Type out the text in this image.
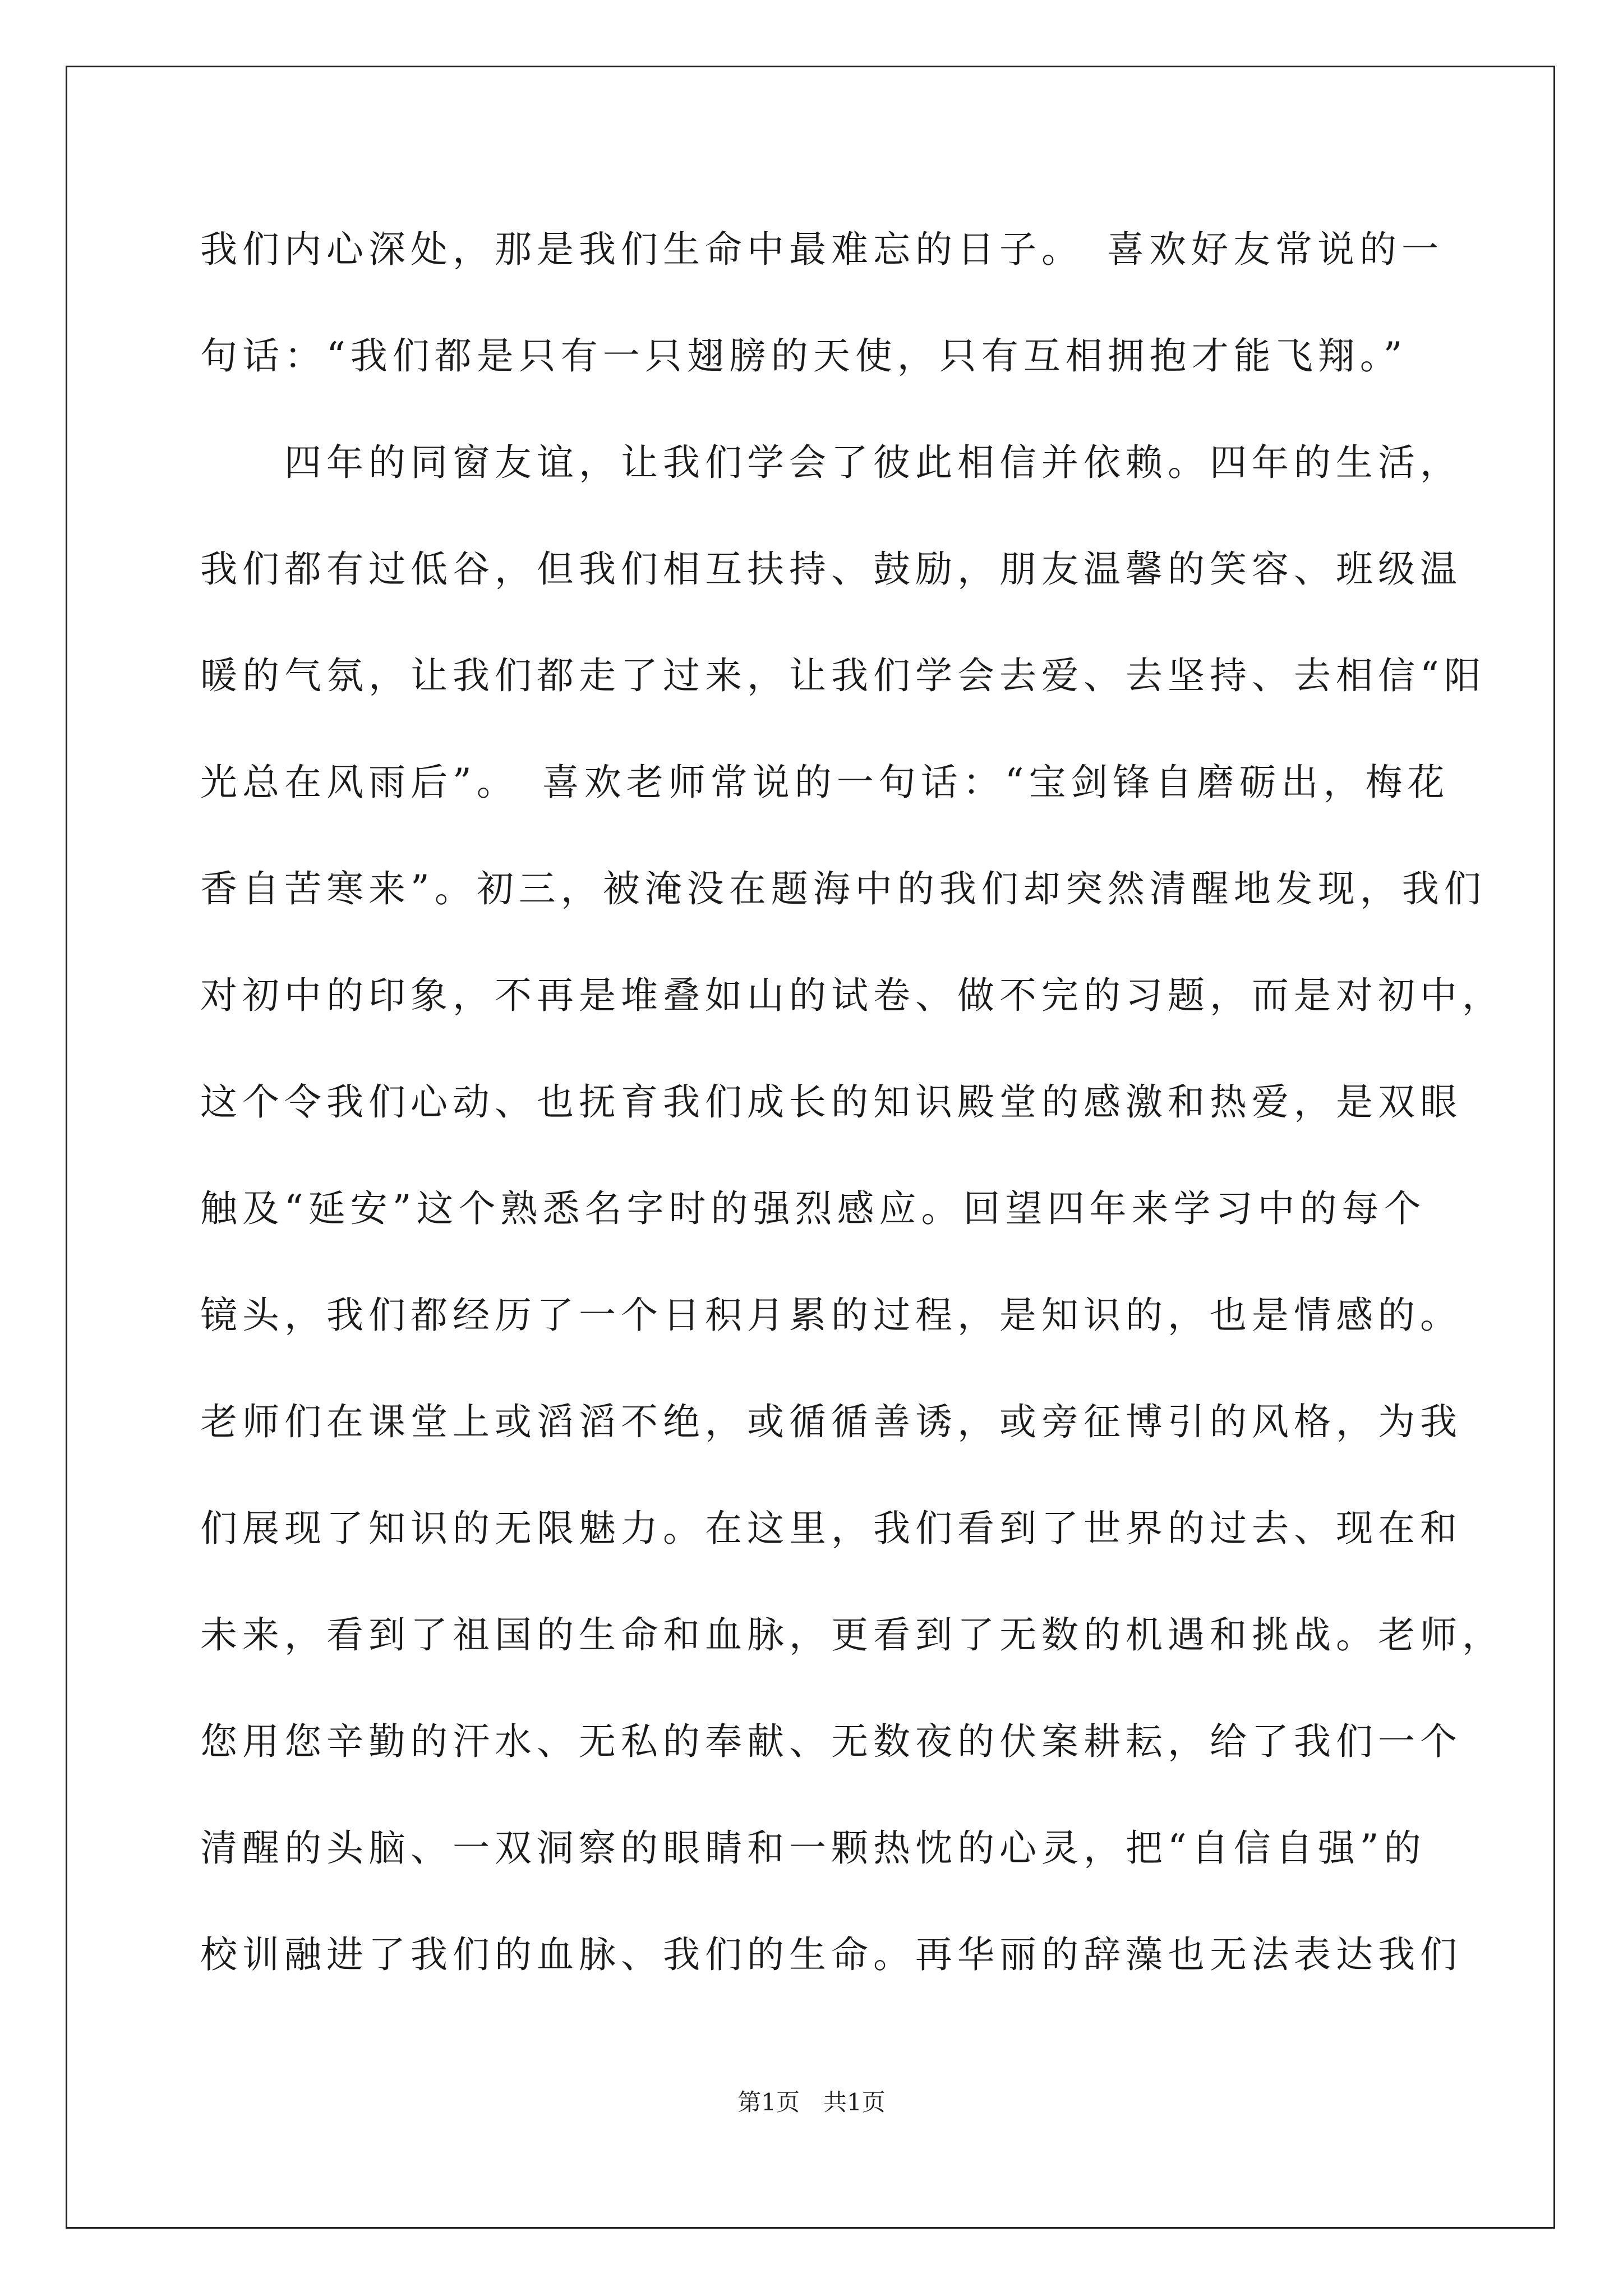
我们内心深处，那是我们生命中最难忘的日子。　喜欢好友常说的一
句话：“我们都是只有一只翅膀的天使，只有互相拥抱才能飞翔。”
四年的同窗友谊，让我们学会了彼此相信并依赖。四年的生活，
我们都有过低谷，但我们相互扶持、鼓励，朋友温馨的笑容、班级温
暖的气氛，让我们都走了过来，让我们学会去爱、去坚持、去相信“阳
光总在风雨后”。　喜欢老师常说的一句话：“宝剑锋自磨砺出，梅花
香自苦寒来”。初三，被淹没在题海中的我们却突然清醒地发现，我们
对初中的印象，不再是堆叠如山的试卷、做不完的习题，而是对初中，
这个令我们心动、也抚育我们成长的知识殿堂的感激和热爱，是双眼
触及“延安”这个熟悉名字时的强烈感应。回望四年来学习中的每个
镜头，我们都经历了一个日积月累的过程，是知识的，也是情感的。
老师们在课堂上或滔滔不绝，或循循善诱，或旁征博引的风格，为我
们展现了知识的无限魅力。在这里，我们看到了世界的过去、现在和
未来，看到了祖国的生命和血脉，更看到了无数的机遇和挑战。老师，
您用您辛勤的汗水、无私的奉献、无数夜的伏案耕耘，给了我们一个
清醒的头脑、一双洞察的眼睛和一颗热忱的心灵，把“自信自强”的
校训融进了我们的血脉、我们的生命。再华丽的辞藻也无法表达我们
第1页　共1页
